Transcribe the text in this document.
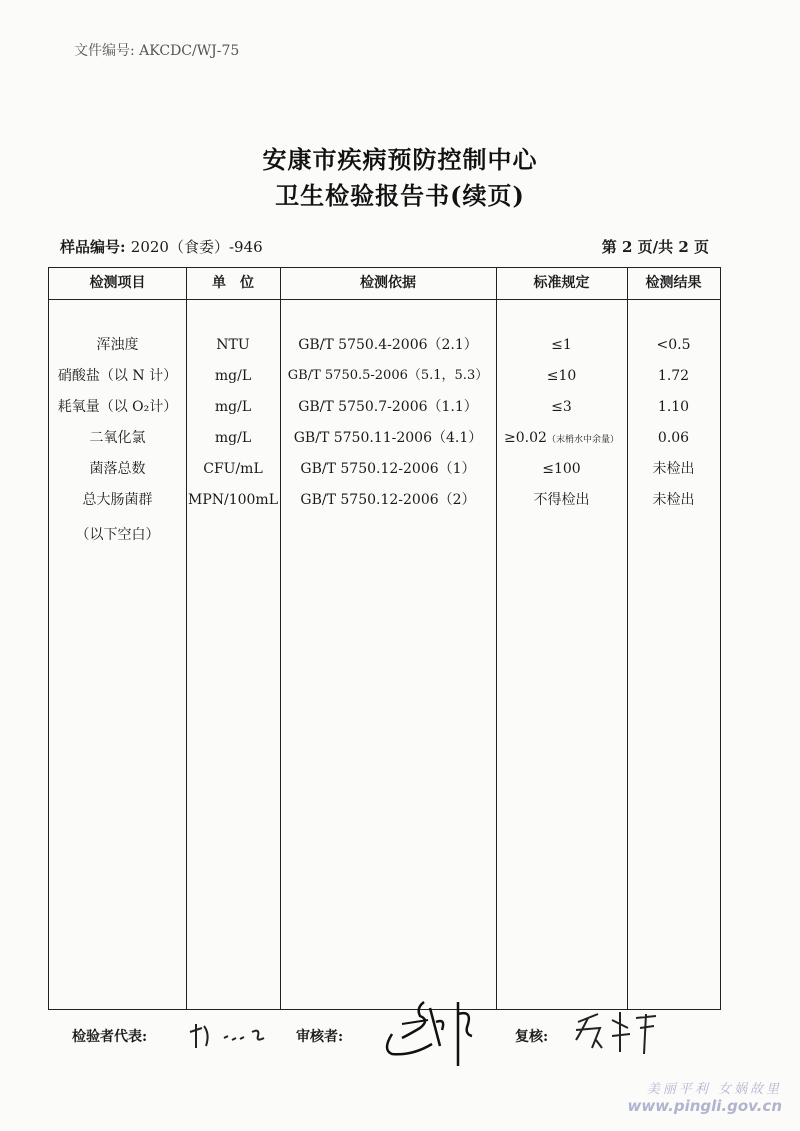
文件编号: AKCDC/WJ-75
安康市疾病预防控制中心
卫生检验报告书(续页)
样品编号: 2020（食委）-946	第 2 页/共 2 页
检测项目	单　位	检测依据	标准规定	检测结果
浑浊度	NTU	GB/T 5750.4-2006（2.1）	≤1	<0.5
硝酸盐（以 N 计）	mg/L	GB/T 5750.5-2006（5.1，5.3）	≤10	1.72
耗氧量（以 O₂计）	mg/L	GB/T 5750.7-2006（1.1）	≤3	1.10
二氧化氯	mg/L	GB/T 5750.11-2006（4.1）	≥0.02（末梢水中余量）	0.06
菌落总数	CFU/mL	GB/T 5750.12-2006（1）	≤100	未检出
总大肠菌群	MPN/100mL	GB/T 5750.12-2006（2）	不得检出	未检出
（以下空白）
检验者代表:	审核者:	复核:
美丽平利 女娲故里
www.pingli.gov.cn
